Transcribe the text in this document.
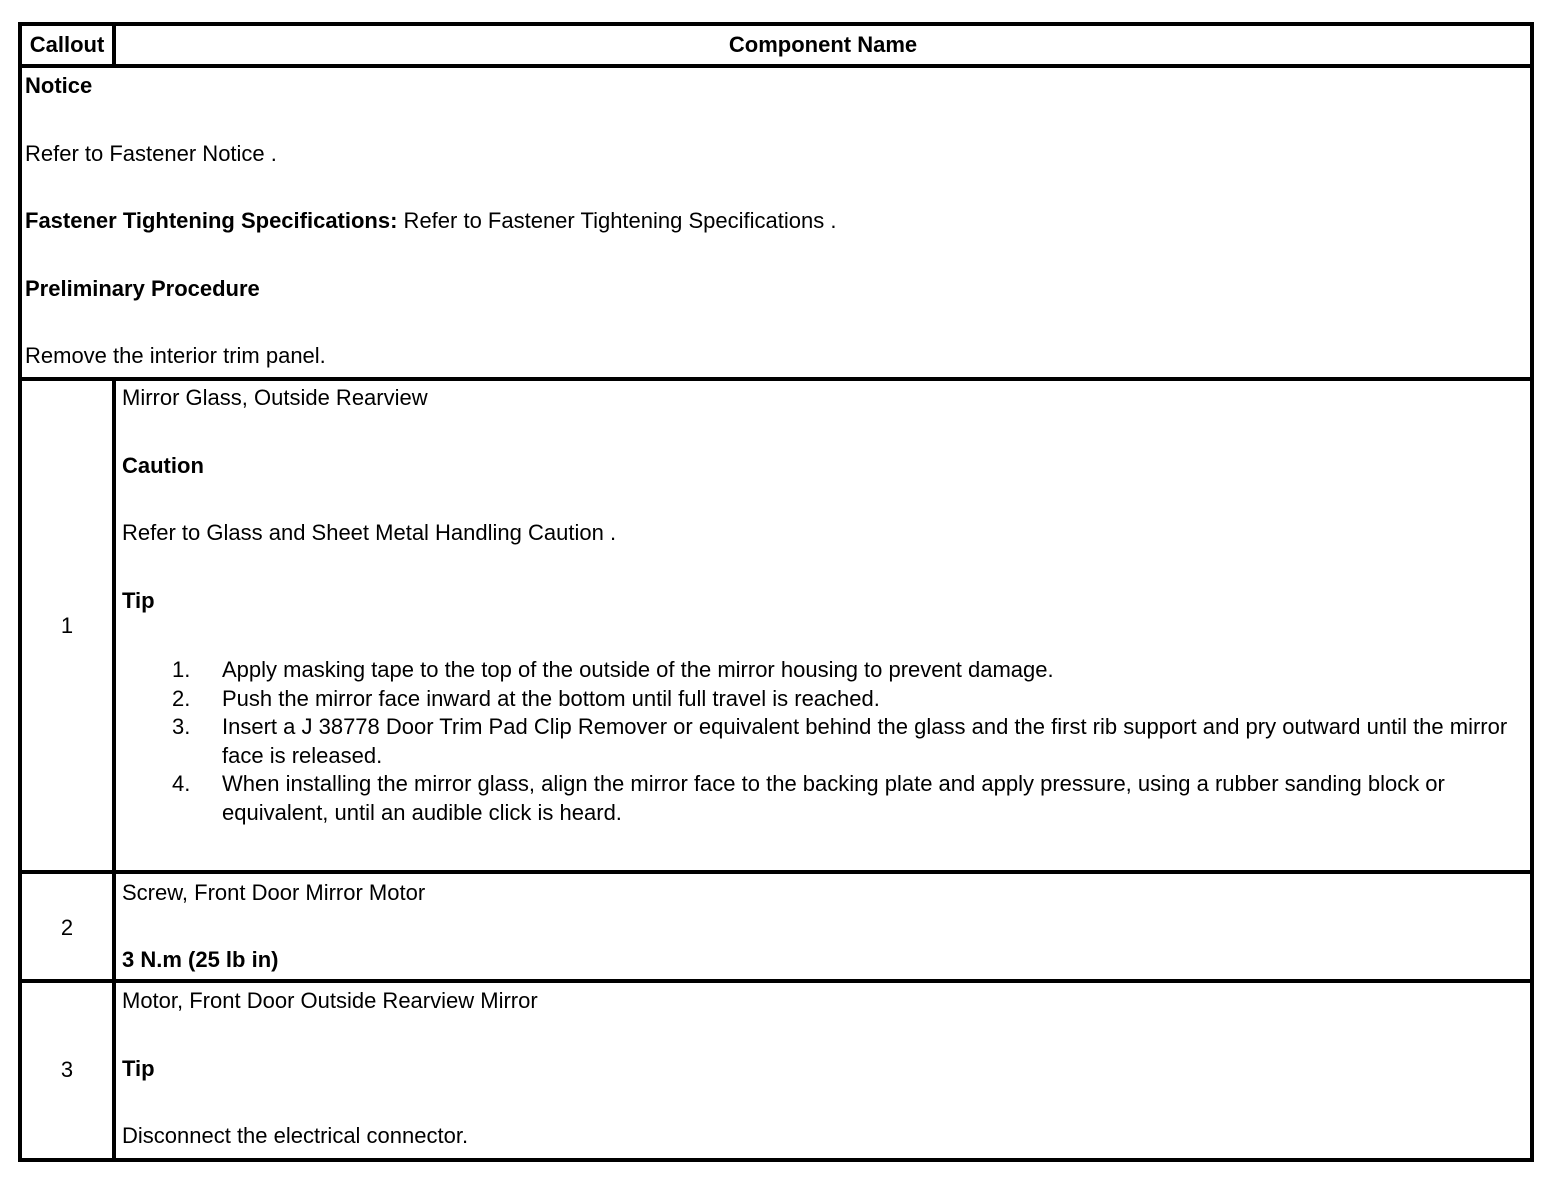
Callout	Component Name
Notice
Refer to Fastener Notice .
Fastener Tightening Specifications: Refer to Fastener Tightening Specifications .
Preliminary Procedure
Remove the interior trim panel.
1
Mirror Glass, Outside Rearview
Caution
Refer to Glass and Sheet Metal Handling Caution .
Tip
1. Apply masking tape to the top of the outside of the mirror housing to prevent damage.
2. Push the mirror face inward at the bottom until full travel is reached.
3. Insert a J 38778 Door Trim Pad Clip Remover or equivalent behind the glass and the first rib support and pry outward until the mirror face is released.
4. When installing the mirror glass, align the mirror face to the backing plate and apply pressure, using a rubber sanding block or equivalent, until an audible click is heard.
2
Screw, Front Door Mirror Motor
3 N.m (25 lb in)
3
Motor, Front Door Outside Rearview Mirror
Tip
Disconnect the electrical connector.
